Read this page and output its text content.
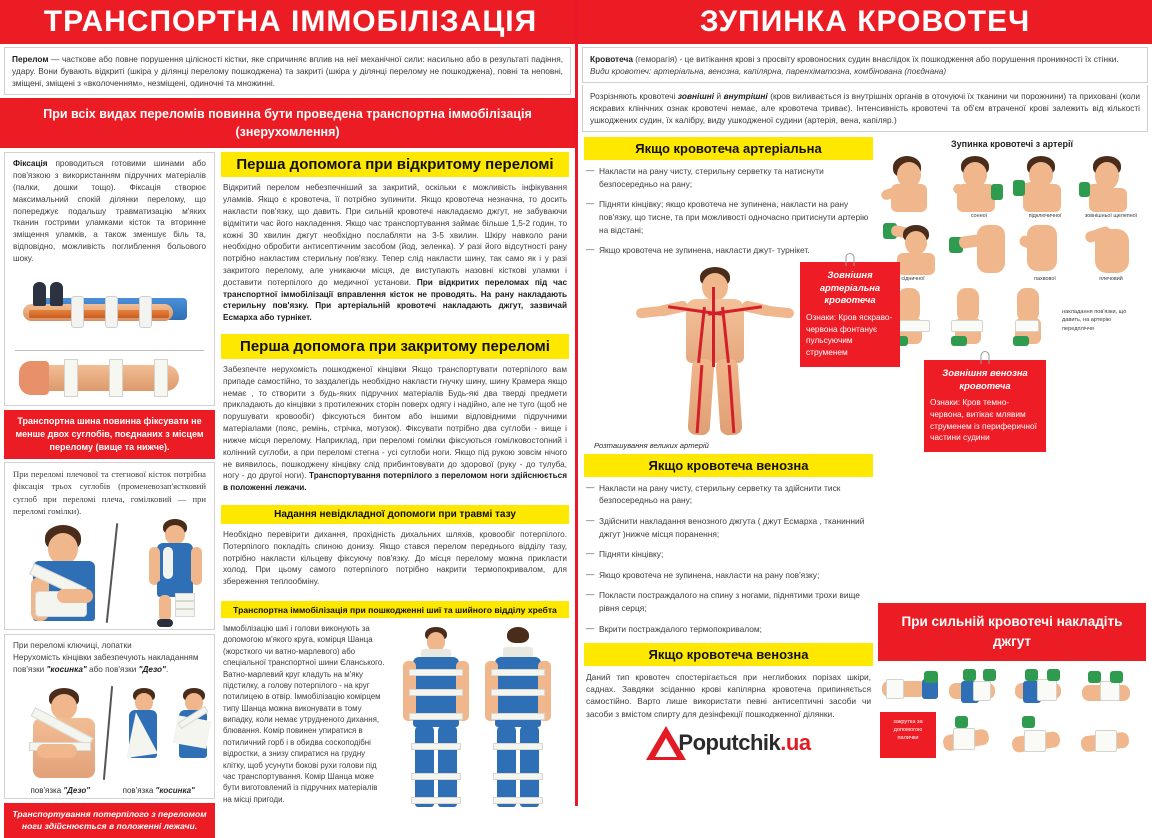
ТРАНСПОРТНА ІММОБІЛІЗАЦІЯ
Перелом — часткове або повне порушення цілісності кістки, яке спричиняє вплив на неї механічної сили: насильно або в результаті падіння, удару. Вони бувають відкриті (шкіра у ділянці перелому пошкоджена) та закриті (шкіра у ділянці перелому не пошкоджена), повні та неповні, зміщені, зміщені з «вколоченням», незміщені, одиночні та множинні.
При всіх видах переломів повинна бути проведена транспортна іммобілізація (знерухомлення)
Фіксація проводиться готовими шинами або пов'язкою з використанням підручних матеріалів (палки, дошки тощо). Фіксація створює максимальний спокій ділянки перелому, що попереджує подальшу травматизацію м'яких тканин гострими уламками кісток та вторинне зміщення уламків, а також зменшує біль та, відповідно, можливість поглиблення больового шоку.
Транспортна шина повинна фіксувати не менше двох суглобів, поєднаних з місцем перелому (вище та нижче).
При переломі плечової та стегнової кісток потрібна фіксація трьох суглобів (променевозап'ястковий суглоб при переломі плеча, гомілковий — при переломі гомілки).
При переломі ключиці, лопатки
Нерухомість кінцівки забезпечують накладанням пов'язки "косинка" або пов'язки "Дезо".
пов'язка "Дезо"	пов'язка "косинка"
Транспортування потерпілого з переломом ноги здійснюється в положенні лежачи.
Перша допомога при відкритому переломі
Відкритий перелом небезпечніший за закритий, оскільки є можливість інфікування уламків. Якщо є кровотеча, її потрібно зупинити. Якщо кровотеча незначна, то досить накласти пов'язку, що давить. При сильній кровотечі накладаємо джгут, не забуваючи відмітити час його накладення. Якщо час транспортування займає більше 1,5-2 годин, то кожні 30 хвилин джгут необхідно послабляти на 3-5 хвилин. Шкіру навколо рани необхідно обробити антисептичним засобом (йод, зеленка). У разі його відсутності рану потрібно накластим стерильну пов'язку. Тепер слід накласти шину, так само як і у разі закритого перелому, але уникаючи місця, де виступають назовні кісткові уламки і доставити потерпілого до медичної установи. При відкритих переломах під час транспортної іммобілізації вправлення кісток не проводять. На рану накладають стерильну пов'язку. При артеріальній кровотечі накладають джгут, зазвичай Есмарха або турнікет.
Перша допомога при закритому переломі
Забезпечте нерухомість пошкодженої кінцівки Якщо транспортувати потерпілого вам припаде самостійно, то заздалегідь необхідно накласти гнучку шину, шину Крамера якщо немає , то створити з будь-яких підручних матеріалів Будь-які два тверді предмети прикладають до кінцівки з протилежних сторін поверх одягу і надійно, але не туго (щоб не порушувати кровообіг) фіксуються бинтом або іншими відповідними підручними матеріалами (пояс, ремінь, стрічка, мотузок). Фіксувати потрібно два суглоби - вище і нижче місця перелому. Наприклад, при переломі гомілки фіксуються гомілковостопний і колінний суглоби, а при переломі стегна - усі суглоби ноги. Якщо під рукою зовсім нічого не виявилось, пошкоджену кінцівку слід прибинтовувати до здорової (руку - до тулуба, ногу - до другої ноги). Транспортування потерпілого з переломом ноги здійснюється в положенні лежачи.
Надання невідкладної допомоги при травмі тазу
Необхідно перевірити дихання, прохідність дихальних шляхів, кровообіг потерпілого. Потерпілого покладіть спиною донизу. Якщо стався перелом переднього відділу тазу, потрібно накласти кільцеву фіксуючу пов'язку. До місця перелому можна прикласти холод. При цьому самого потерпілого потрібно накрити термопокривалом, для збереження теплообміну.
Транспортна іммобілізація при пошкодженні шиї та шийного відділу хребта
Іммобілізацію шиї і голови виконують за допомогою м'якого круга, комірця Шанца (жорсткого чи ватно-марлевого) або спеціальної транспортної шини Єланського. Ватно-марлевий круг кладуть на м'яку підстилку, а голову потерпілого - на круг потилицею в отвір. Іммобілізацію комірцем типу Шанца можна виконувати в тому випадку, коли немає утрудненого дихання, блювання. Комір повинен упиратися в потиличний горб і в обидва соскоподібні відростки, а знизу спиратися на грудну клітку, щоб усунути бокові рухи голови під час транспортування. Комір Шанца може бути виготовлений із підручних матеріалів на місці пригоди.
ЗУПИНКА КРОВОТЕЧ
Кровотеча (геморагія) - це витікання крові з просвіту кровоносних судин внаслідок їх пошкодження або порушення проникності їх стінки.
Види кровотеч: артеріальна, венозна, капілярна, паренхіматозна, комбінована (поєднана)
Розрізняють кровотечі зовнішні й внутрішні (кров виливається із внутрішніх органів в оточуючі їх тканини чи порожнини) та приховані (коли яскравих клінічних ознак кровотечі немає, але кровотеча триває). Інтенсивність кровотечі та об'єм втраченої крові залежить від кількості ушкоджених судин, їх калібру, виду ушкодженої судини (артерія, вена, капіляр.)
Якщо кровотеча артеріальна
— Накласти на рану чисту, стерильну серветку та натиснути безпосередньо на рану;
— Підняти кінцівку; якщо кровотеча не зупинена, накласти на рану пов'язку, що тисне, та при можливості одночасно притиснути артерію на відстані;
— Якщо кровотеча не зупинена, накласти джут- турнікет.
Розташування великих артерій
Якщо кровотеча венозна
— Накласти на рану чисту, стерильну серветку та здійснити тиск безпосередньо на рану;
— Здійснити накладання венозного джгута ( джут Есмарха , тканинний джгут )нижче місця поранення;
— Підняти кінцівку;
— Якщо кровотеча не зупинена, накласти на рану пов'язку;
— Покласти постраждалого на спину з ногами, піднятими трохи вище рівня серця;
— Вкрити постраждалого термопокривалом;
Якщо кровотеча венозна
Даний тип кровотеч спостерігається при неглибоких порізах шкіри, саднах. Завдяки зсіданню крові капілярна кровотеча припиняється самостійно. Варто лише використати певні антисептичні засоби чи засоби з вмістом спирту для дезінфекції пошкодженної ділянки.
Poputchik.ua
Зупинка кровотечі з артерії
сонної	підключичної	зовнішньої щелепної
сідничної	пахвової	плечовий
накладання пов'язки, що давить, на артерію передпліччя
Зовнішня венозна кровотеча
Ознаки: Кров темно-червона, витікає млявим струменем із периферичної частини судини
При сильній кровотечі накладіть джгут
закрутка за допомогою палички
Зовнішня артеріальна кровотеча
Ознаки: Кров яскраво-червона фонтанує пульсуючим струменем
